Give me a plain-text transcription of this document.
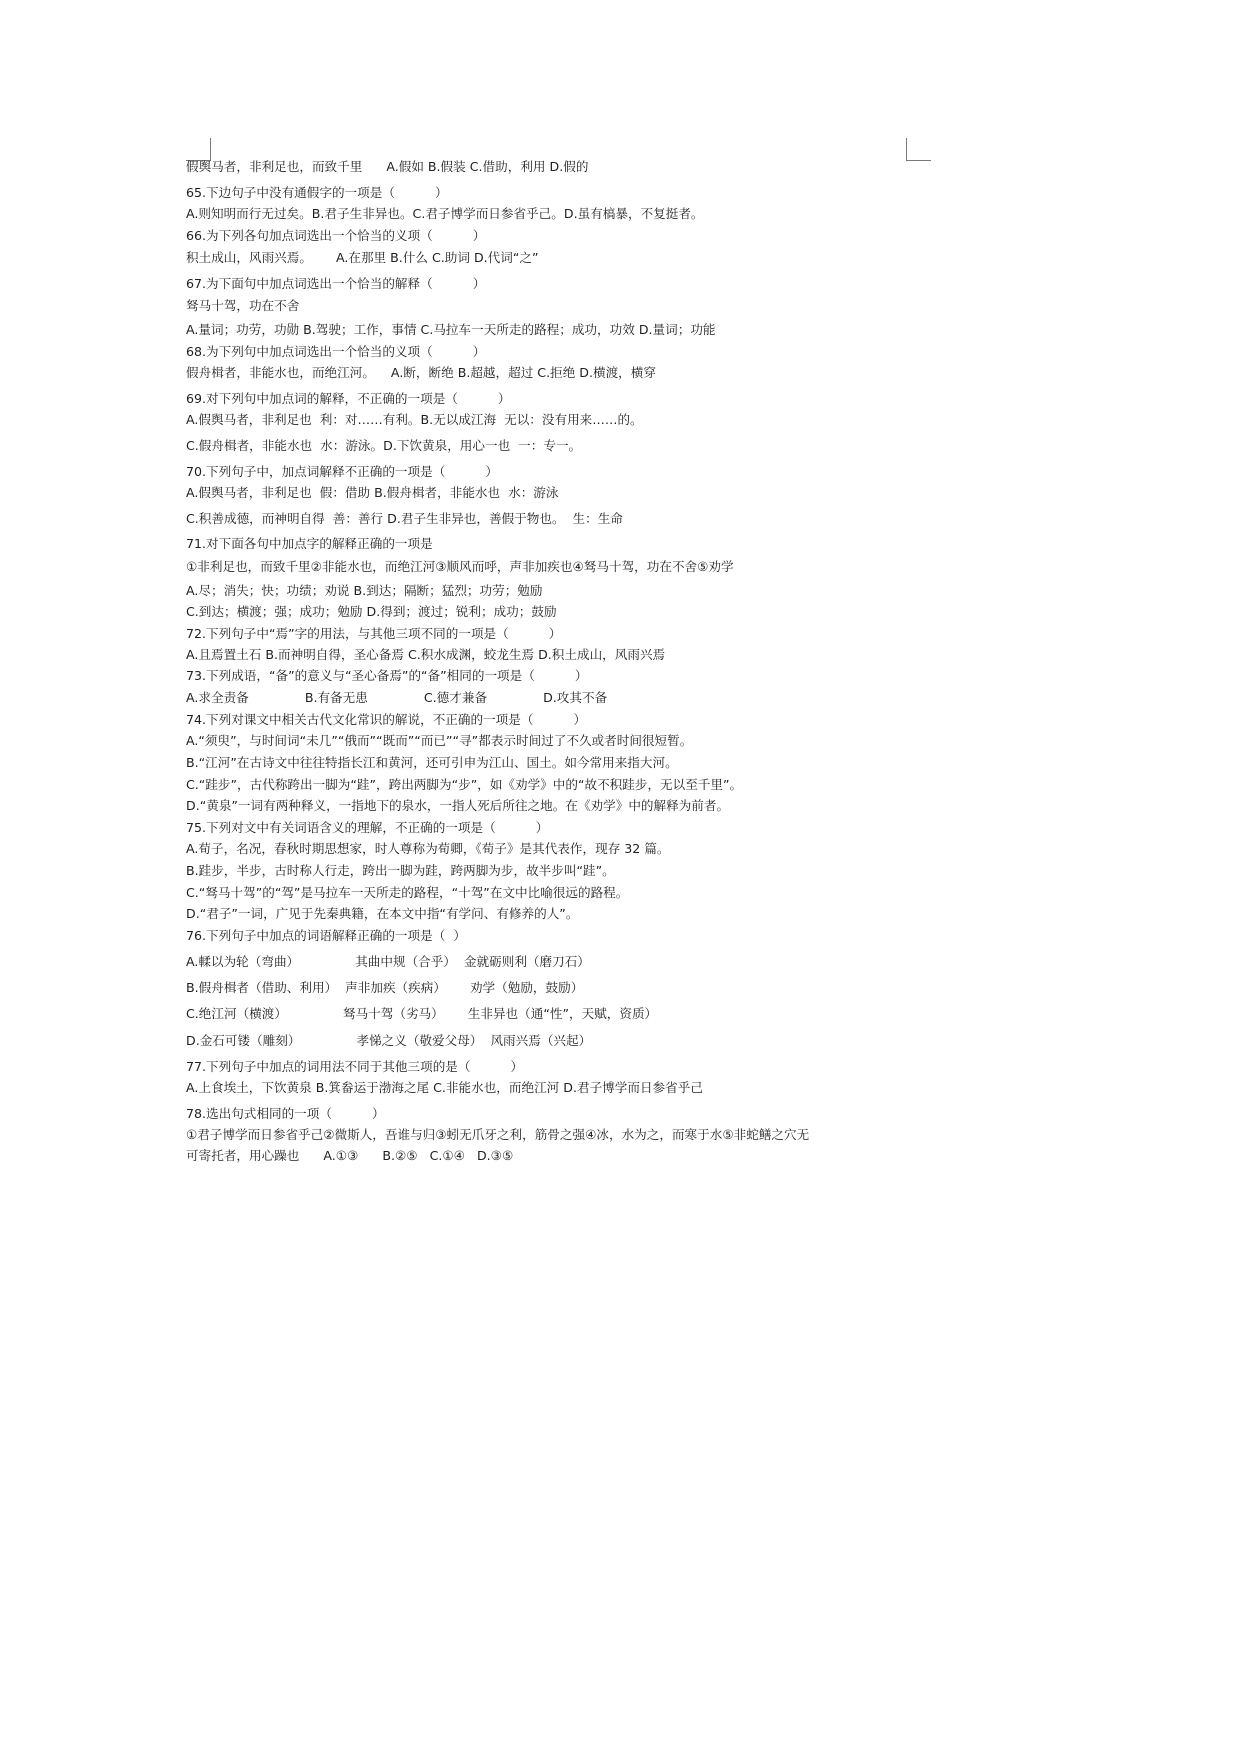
假舆马者，非利足也，而致千里      A.假如 B.假装 C.借助，利用 D.假的
65.下边句子中没有通假字的一项是（          ）
A.则知明而行无过矣。B.君子生非异也。C.君子博学而日参省乎己。D.虽有槁暴，不复挺者。
66.为下列各句加点词选出一个恰当的义项（          ）
积土成山，风雨兴焉。      A.在那里 B.什么 C.助词 D.代词“之”
67.为下面句中加点词选出一个恰当的解释（          ）
驽马十驾，功在不舍
A.量词；功劳，功勋 B.驾驶；工作，事情 C.马拉车一天所走的路程；成功，功效 D.量词；功能
68.为下列句中加点词选出一个恰当的义项（          ）
假舟楫者，非能水也，而绝江河。    A.断，断绝 B.超越，超过 C.拒绝 D.横渡，横穿
69.对下列句中加点词的解释，不正确的一项是（          ）
A.假舆马者，非利足也  利：对……有利。B.无以成江海  无以：没有用来……的。
C.假舟楫者，非能水也  水：游泳。D.下饮黄泉，用心一也  一：专一。
70.下列句子中，加点词解释不正确的一项是（          ）
A.假舆马者，非利足也  假：借助 B.假舟楫者，非能水也  水：游泳
C.积善成德，而神明自得  善：善行 D.君子生非异也，善假于物也。  生：生命
71.对下面各句中加点字的解释正确的一项是
①非利足也，而致千里②非能水也，而绝江河③顺风而呼，声非加疾也④驽马十驾，功在不舍⑤劝学
A.尽；消失；快；功绩；劝说 B.到达；隔断；猛烈；功劳；勉励
C.到达；横渡；强；成功；勉励 D.得到；渡过；锐利；成功；鼓励
72.下列句子中“焉”字的用法，与其他三项不同的一项是（          ）
A.且焉置土石 B.而神明自得，圣心备焉 C.积水成渊，蛟龙生焉 D.积土成山，风雨兴焉
73.下列成语，“备”的意义与“圣心备焉”的“备”相同的一项是（          ）
A.求全责备              B.有备无患              C.德才兼备              D.攻其不备
74.下列对课文中相关古代文化常识的解说，不正确的一项是（          ）
A.“须臾”，与时间词“未几”“俄而”“既而”“而已”“寻”都表示时间过了不久或者时间很短暂。
B.“江河”在古诗文中往往特指长江和黄河，还可引申为江山、国土。如今常用来指大河。
C.“跬步”，古代称跨出一脚为“跬”，跨出两脚为“步”，如《劝学》中的“故不积跬步，无以至千里”。
D.“黄泉”一词有两种释义，一指地下的泉水，一指人死后所往之地。在《劝学》中的解释为前者。
75.下列对文中有关词语含义的理解，不正确的一项是（          ）
A.荀子，名况，春秋时期思想家，时人尊称为荀卿，《荀子》是其代表作，现存 32 篇。
B.跬步，半步，古时称人行走，跨出一脚为跬，跨两脚为步，故半步叫“跬”。
C.“驽马十驾”的“驾”是马拉车一天所走的路程，“十驾”在文中比喻很远的路程。
D.“君子”一词，广见于先秦典籍，在本文中指“有学问、有修养的人”。
76.下列句子中加点的词语解释正确的一项是（  ）
A.輮以为轮（弯曲）              其曲中规（合乎）  金就砺则利（磨刀石）
B.假舟楫者（借助、利用）  声非加疾（疾病）      劝学（勉励，鼓励）
C.绝江河（横渡）              驽马十驾（劣马）      生非异也（通“性”，天赋，资质）
D.金石可镂（雕刻）              孝悌之义（敬爱父母）  风雨兴焉（兴起）
77.下列句子中加点的词用法不同于其他三项的是（          ）
A.上食埃土，下饮黄泉 B.箕畚运于渤海之尾 C.非能水也，而绝江河 D.君子博学而日参省乎己
78.选出句式相同的一项（          ）
①君子博学而日参省乎己②微斯人，吾谁与归③蚓无爪牙之利，筋骨之强④冰，水为之，而寒于水⑤非蛇鳝之穴无
可寄托者，用心躁也      A.①③      B.②⑤   C.①④   D.③⑤
